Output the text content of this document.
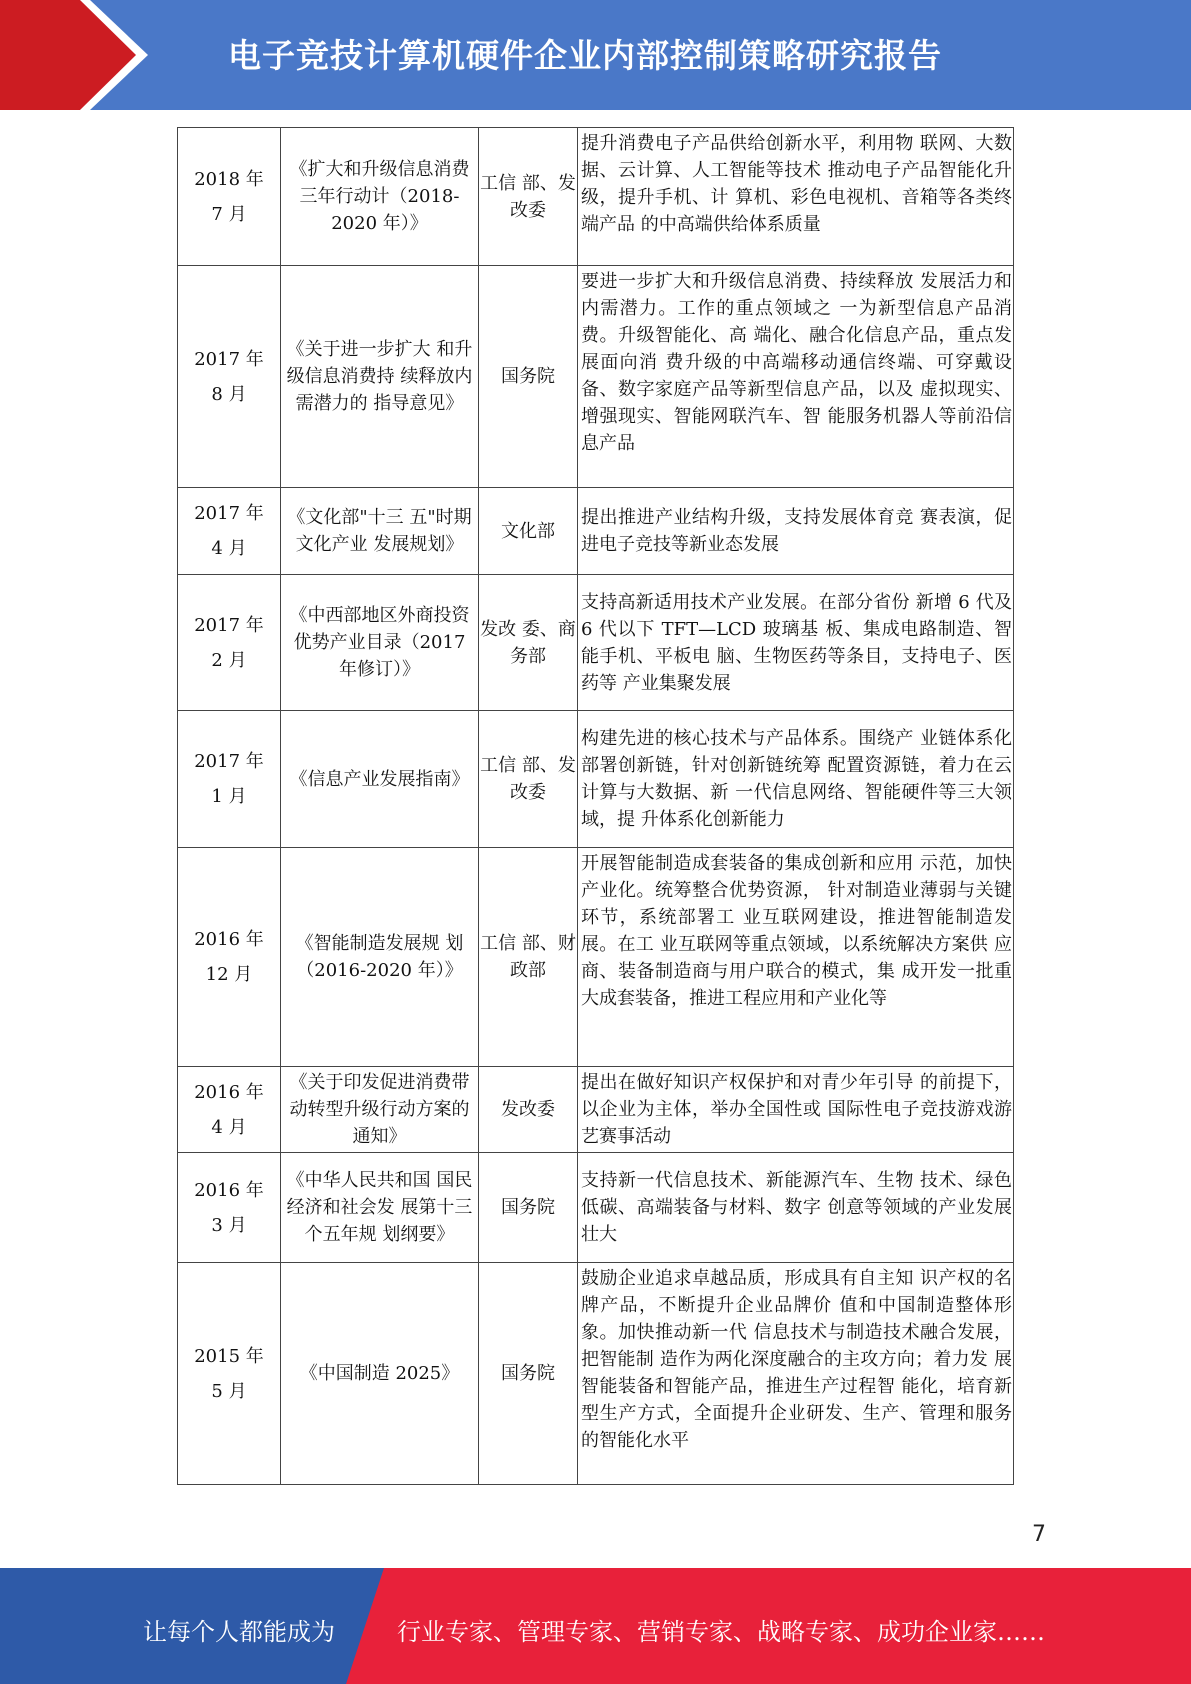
电子竞技计算机硬件企业内部控制策略研究报告
2018 年
7 月	《扩大和升级信息消费三年行动计（2018-2020 年）》	工信 部、发 改委	提升消费电子产品供给创新水平，利用物 联网、大数据、云计算、人工智能等技术 推动电子产品智能化升级，提升手机、计 算机、彩色电视机、音箱等各类终端产品 的中高端供给体系质量

2017 年
8 月	《关于进一步扩大 和升级信息消费持 续释放内需潜力的 指导意见》	国务院	要进一步扩大和升级信息消费、持续释放 发展活力和内需潜力。工作的重点领域之 一为新型信息产品消费。升级智能化、高 端化、融合化信息产品，重点发展面向消 费升级的中高端移动通信终端、可穿戴设 备、数字家庭产品等新型信息产品，以及 虚拟现实、增强现实、智能网联汽车、智 能服务机器人等前沿信息产品

2017 年
4 月	《文化部"十三 五"时期文化产业 发展规划》	文化部	提出推进产业结构升级，支持发展体育竞 赛表演，促进电子竞技等新业态发展

2017 年
2 月	《中西部地区外商投资优势产业目录（2017 年修订）》	发改 委、商 务部	支持高新适用技术产业发展。在部分省份 新增 6 代及 6 代以下 TFT—LCD 玻璃基 板、集成电路制造、智能手机、平板电 脑、生物医药等条目，支持电子、医药等 产业集聚发展

2017 年
1 月	《信息产业发展指南》	工信 部、发 改委	构建先进的核心技术与产品体系。围绕产 业链体系化部署创新链，针对创新链统筹 配置资源链，着力在云计算与大数据、新 一代信息网络、智能硬件等三大领域，提 升体系化创新能力

2016 年
12 月	《智能制造发展规 划（2016-2020 年）》	工信 部、财 政部	开展智能制造成套装备的集成创新和应用 示范，加快产业化。统筹整合优势资源， 针对制造业薄弱与关键环节，系统部署工 业互联网建设，推进智能制造发展。在工 业互联网等重点领域，以系统解决方案供 应商、装备制造商与用户联合的模式，集 成开发一批重大成套装备，推进工程应用和产业化等

2016 年
4 月	《关于印发促进消费带动转型升级行动方案的通知》	发改委	提出在做好知识产权保护和对青少年引导 的前提下，以企业为主体，举办全国性或 国际性电子竞技游戏游艺赛事活动

2016 年
3 月	《中华人民共和国 国民经济和社会发 展第十三个五年规 划纲要》	国务院	支持新一代信息技术、新能源汽车、生物 技术、绿色低碳、高端装备与材料、数字 创意等领域的产业发展壮大

2015 年
5 月	《中国制造 2025》	国务院	鼓励企业追求卓越品质，形成具有自主知 识产权的名牌产品，不断提升企业品牌价 值和中国制造整体形象。加快推动新一代 信息技术与制造技术融合发展，把智能制 造作为两化深度融合的主攻方向；着力发 展智能装备和智能产品，推进生产过程智 能化，培育新型生产方式，全面提升企业研发、生产、管理和服务的智能化水平
7
让每个人都能成为	行业专家、管理专家、营销专家、战略专家、成功企业家……
